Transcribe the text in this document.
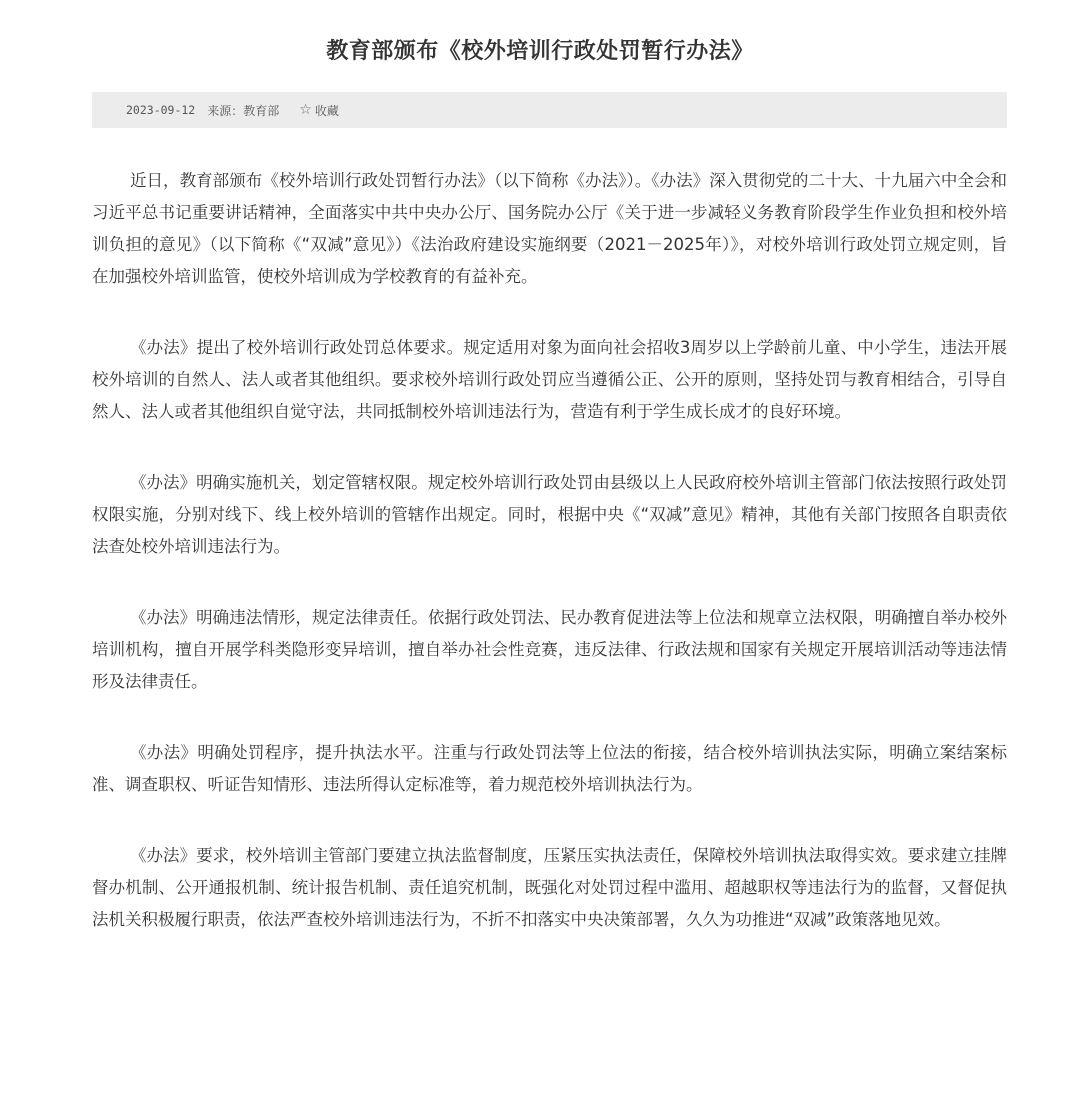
教育部颁布《校外培训行政处罚暂行办法》
2023-09-12 来源： 教育部 ☆ 收藏

近日，教育部颁布《校外培训行政处罚暂行办法》（以下简称《办法》）。《办法》深入贯彻党的二十大、十九届六中全会和习近平总书记重要讲话精神，全面落实中共中央办公厅、国务院办公厅《关于进一步减轻义务教育阶段学生作业负担和校外培训负担的意见》（以下简称《“双减”意见》）《法治政府建设实施纲要（2021－2025年）》，对校外培训行政处罚立规定则，旨在加强校外培训监管，使校外培训成为学校教育的有益补充。

《办法》提出了校外培训行政处罚总体要求。规定适用对象为面向社会招收3周岁以上学龄前儿童、中小学生，违法开展校外培训的自然人、法人或者其他组织。要求校外培训行政处罚应当遵循公正、公开的原则，坚持处罚与教育相结合，引导自然人、法人或者其他组织自觉守法，共同抵制校外培训违法行为，营造有利于学生成长成才的良好环境。

《办法》明确实施机关，划定管辖权限。规定校外培训行政处罚由县级以上人民政府校外培训主管部门依法按照行政处罚权限实施，分别对线下、线上校外培训的管辖作出规定。同时，根据中央《“双减”意见》精神，其他有关部门按照各自职责依法查处校外培训违法行为。

《办法》明确违法情形，规定法律责任。依据行政处罚法、民办教育促进法等上位法和规章立法权限，明确擅自举办校外培训机构，擅自开展学科类隐形变异培训，擅自举办社会性竞赛，违反法律、行政法规和国家有关规定开展培训活动等违法情形及法律责任。

《办法》明确处罚程序，提升执法水平。注重与行政处罚法等上位法的衔接，结合校外培训执法实际，明确立案结案标准、调查职权、听证告知情形、违法所得认定标准等，着力规范校外培训执法行为。

《办法》要求，校外培训主管部门要建立执法监督制度，压紧压实执法责任，保障校外培训执法取得实效。要求建立挂牌督办机制、公开通报机制、统计报告机制、责任追究机制，既强化对处罚过程中滥用、超越职权等违法行为的监督，又督促执法机关积极履行职责，依法严查校外培训违法行为，不折不扣落实中央决策部署，久久为功推进“双减”政策落地见效。
